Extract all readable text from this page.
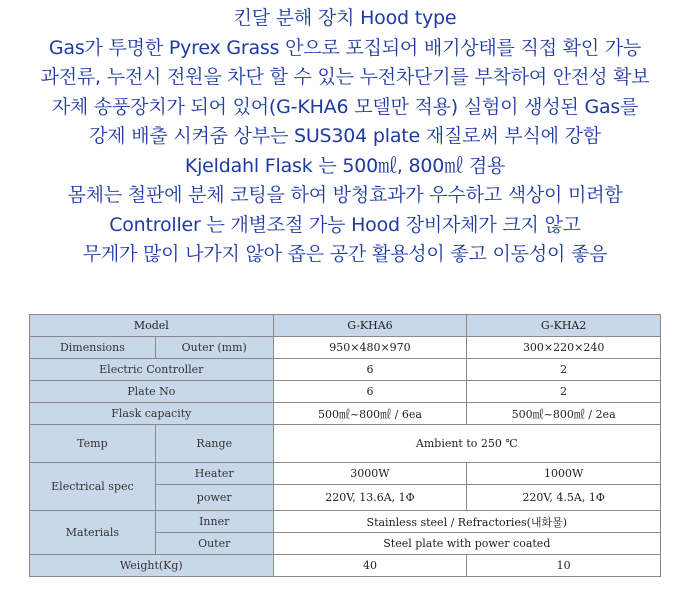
킨달 분해 장치 Hood type
Gas가 투명한 Pyrex Grass 안으로 포집되어 배기상태를 직접 확인 가능
과전류, 누전시 전원을 차단 할 수 있는 누전차단기를 부착하여 안전성 확보
자체 송풍장치가 되어 있어(G-KHA6 모델만 적용) 실험이 생성된 Gas를
강제 배출 시켜줌 상부는 SUS304 plate 재질로써 부식에 강함
Kjeldahl Flask 는 500㎖, 800㎖ 겸용
몸체는 철판에 분체 코팅을 하여 방청효과가 우수하고 색상이 미려함
Controller 는 개별조절 가능 Hood 장비자체가 크지 않고
무게가 많이 나가지 않아 좁은 공간 활용성이 좋고 이동성이 좋음
Model		G-KHA6	G-KHA2
Dimensions	Outer (mm)	950×480×970	300×220×240
Electric Controller		6	2
Plate No		6	2
Flask capacity		500㎖~800㎖ / 6ea	500㎖~800㎖ / 2ea
Temp	Range	Ambient to 250 ℃	
Electrical spec	Heater	3000W	1000W
	power	220V, 13.6A, 1Φ	220V, 4.5A, 1Φ
Materials	Inner	Stainless steel / Refractories(내화물)	
	Outer	Steel plate with power coated	
Weight(Kg)		40	10
